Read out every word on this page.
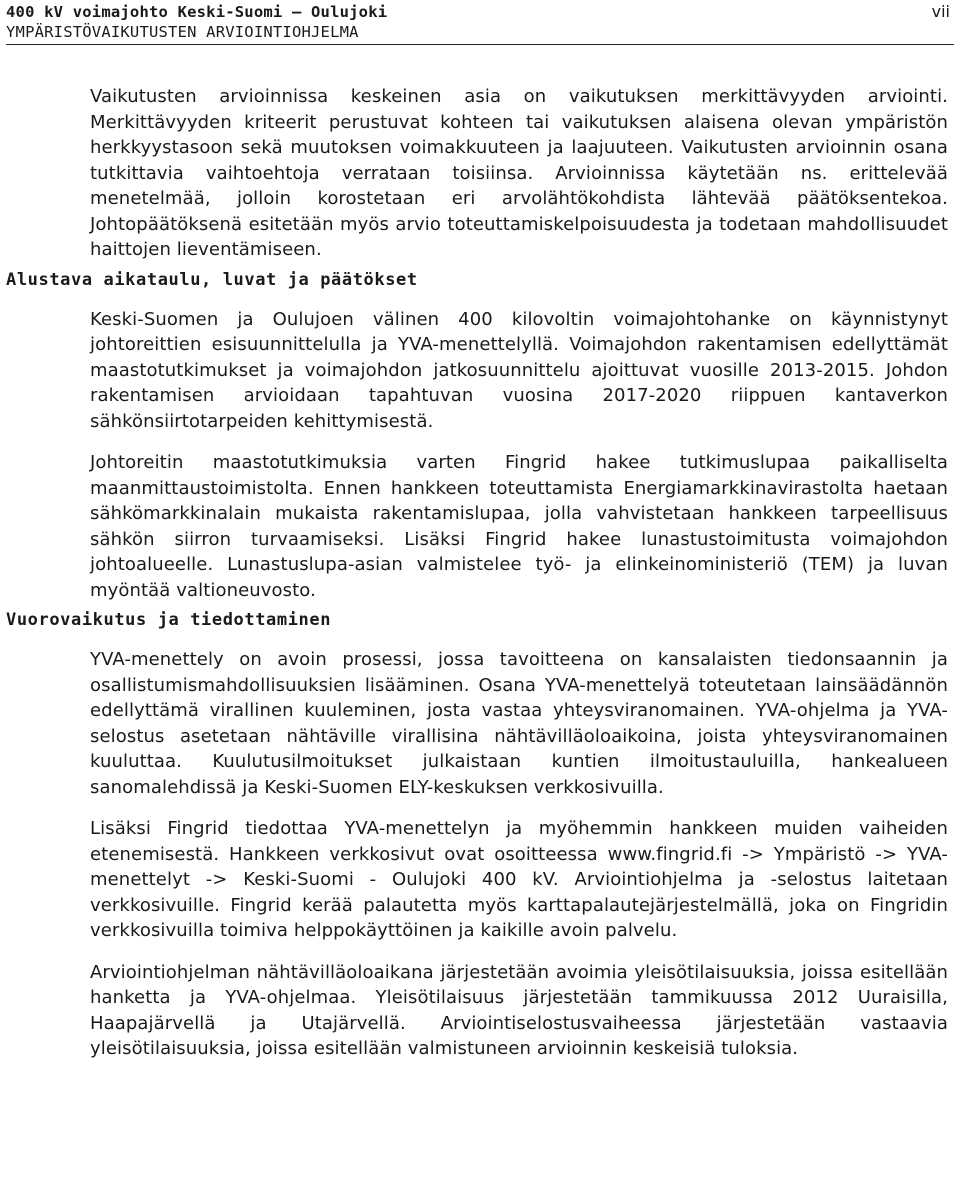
400 kV voimajohto Keski-Suomi – Oulujoki
YMPÄRISTÖVAIKUTUSTEN ARVIOINTIOHJELMA
vii

Vaikutusten arvioinnissa keskeinen asia on vaikutuksen merkittävyyden arviointi. Merkittävyyden kriteerit perustuvat kohteen tai vaikutuksen alaisena olevan ympäristön herkkyystasoon sekä muutoksen voimakkuuteen ja laajuuteen. Vaikutusten arvioinnin osana tutkittavia vaihtoehtoja verrataan toisiinsa. Arvioinnissa käytetään ns. erittelevää menetelmää, jolloin korostetaan eri arvolähtökohdista lähtevää päätöksentekoa. Johtopäätöksenä esitetään myös arvio toteuttamiskelpoisuudesta ja todetaan mahdollisuudet haittojen lieventämiseen.

Alustava aikataulu, luvat ja päätökset

Keski-Suomen ja Oulujoen välinen 400 kilovoltin voimajohtohanke on käynnistynyt johtoreittien esisuunnittelulla ja YVA-menettelyllä. Voimajohdon rakentamisen edellyttämät maastotutkimukset ja voimajohdon jatkosuunnittelu ajoittuvat vuosille 2013-2015. Johdon rakentamisen arvioidaan tapahtuvan vuosina 2017-2020 riippuen kantaverkon sähkönsiirtotarpeiden kehittymisestä.

Johtoreitin maastotutkimuksia varten Fingrid hakee tutkimuslupaa paikalliselta maanmittaustoimistolta. Ennen hankkeen toteuttamista Energiamarkkinavirastolta haetaan sähkömarkkinalain mukaista rakentamislupaa, jolla vahvistetaan hankkeen tarpeellisuus sähkön siirron turvaamiseksi. Lisäksi Fingrid hakee lunastustoimitusta voimajohdon johtoalueelle. Lunastuslupa-asian valmistelee työ- ja elinkeinoministeriö (TEM) ja luvan myöntää valtioneuvosto.

Vuorovaikutus ja tiedottaminen

YVA-menettely on avoin prosessi, jossa tavoitteena on kansalaisten tiedonsaannin ja osallistumismahdollisuuksien lisääminen. Osana YVA-menettelyä toteutetaan lainsäädännön edellyttämä virallinen kuuleminen, josta vastaa yhteysviranomainen. YVA-ohjelma ja YVA-selostus asetetaan nähtäville virallisina nähtävilläoloaikoina, joista yhteysviranomainen kuuluttaa. Kuulutusilmoitukset julkaistaan kuntien ilmoitustauluilla, hankealueen sanomalehdissä ja Keski-Suomen ELY-keskuksen verkkosivuilla.

Lisäksi Fingrid tiedottaa YVA-menettelyn ja myöhemmin hankkeen muiden vaiheiden etenemisestä. Hankkeen verkkosivut ovat osoitteessa www.fingrid.fi -> Ympäristö -> YVA-menettelyt -> Keski-Suomi - Oulujoki 400 kV. Arviointiohjelma ja -selostus laitetaan verkkosivuille. Fingrid kerää palautetta myös karttapalautejärjestelmällä, joka on Fingridin verkkosivuilla toimiva helppokäyttöinen ja kaikille avoin palvelu.

Arviointiohjelman nähtävilläoloaikana järjestetään avoimia yleisötilaisuuksia, joissa esitellään hanketta ja YVA-ohjelmaa. Yleisötilaisuus järjestetään tammikuussa 2012 Uuraisilla, Haapajärvellä ja Utajärvellä. Arviointiselostusvaiheessa järjestetään vastaavia yleisötilaisuuksia, joissa esitellään valmistuneen arvioinnin keskeisiä tuloksia.
